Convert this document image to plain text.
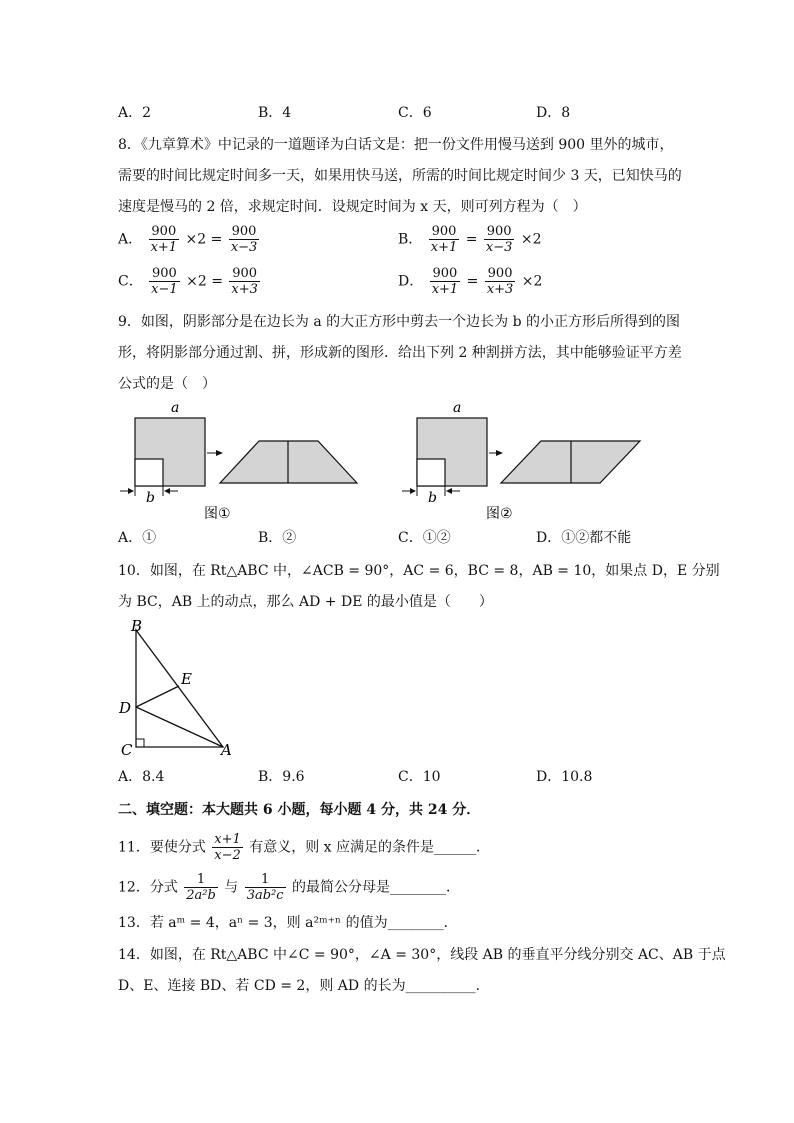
A．2	B．4	C．6	D．8
8．《九章算术》中记录的一道题译为白话文是：把一份文件用慢马送到 900 里外的城市，
需要的时间比规定时间多一天，如果用快马送，所需的时间比规定时间少 3 天，已知快马的
速度是慢马的 2 倍，求规定时间．设规定时间为 x 天，则可列方程为（　）
A． $\frac{900}{x+1} \times 2 = \frac{900}{x-3}$	B． $\frac{900}{x+1} = \frac{900}{x-3} \times 2$
C． $\frac{900}{x-1} \times 2 = \frac{900}{x+3}$	D． $\frac{900}{x+1} = \frac{900}{x+3} \times 2$
9．如图，阴影部分是在边长为 a 的大正方形中剪去一个边长为 b 的小正方形后所得到的图
形，将阴影部分通过割、拼，形成新的图形．给出下列 2 种割拼方法，其中能够验证平方差
公式的是（　）
a
b
图①
a
b
图②
A．①	B．②	C．①②	D．①②都不能
10．如图，在 Rt△ABC 中，∠ACB = 90°，AC = 6，BC = 8，AB = 10，如果点 D，E 分别
为 BC，AB 上的动点，那么 AD + DE 的最小值是（　　）
B
E
D
C	A
A．8.4	B．9.6	C．10	D．10.8
二、填空题：本大题共 6 小题，每小题 4 分，共 24 分．
11．要使分式 $\frac{x+1}{x-2}$ 有意义，则 x 应满足的条件是______．
12．分式 $\frac{1}{\text{2a²b}}$ 与 $\frac{1}{\text{3ab²c}}$ 的最简公分母是________．
13．若 aᵐ = 4，aⁿ = 3，则 a²ᵐ⁺ⁿ 的值为________．
14．如图，在 Rt△ABC 中∠C = 90°，∠A = 30°，线段 AB 的垂直平分线分别交 AC、AB 于点
D、E、连接 BD、若 CD = 2，则 AD 的长为__________.
